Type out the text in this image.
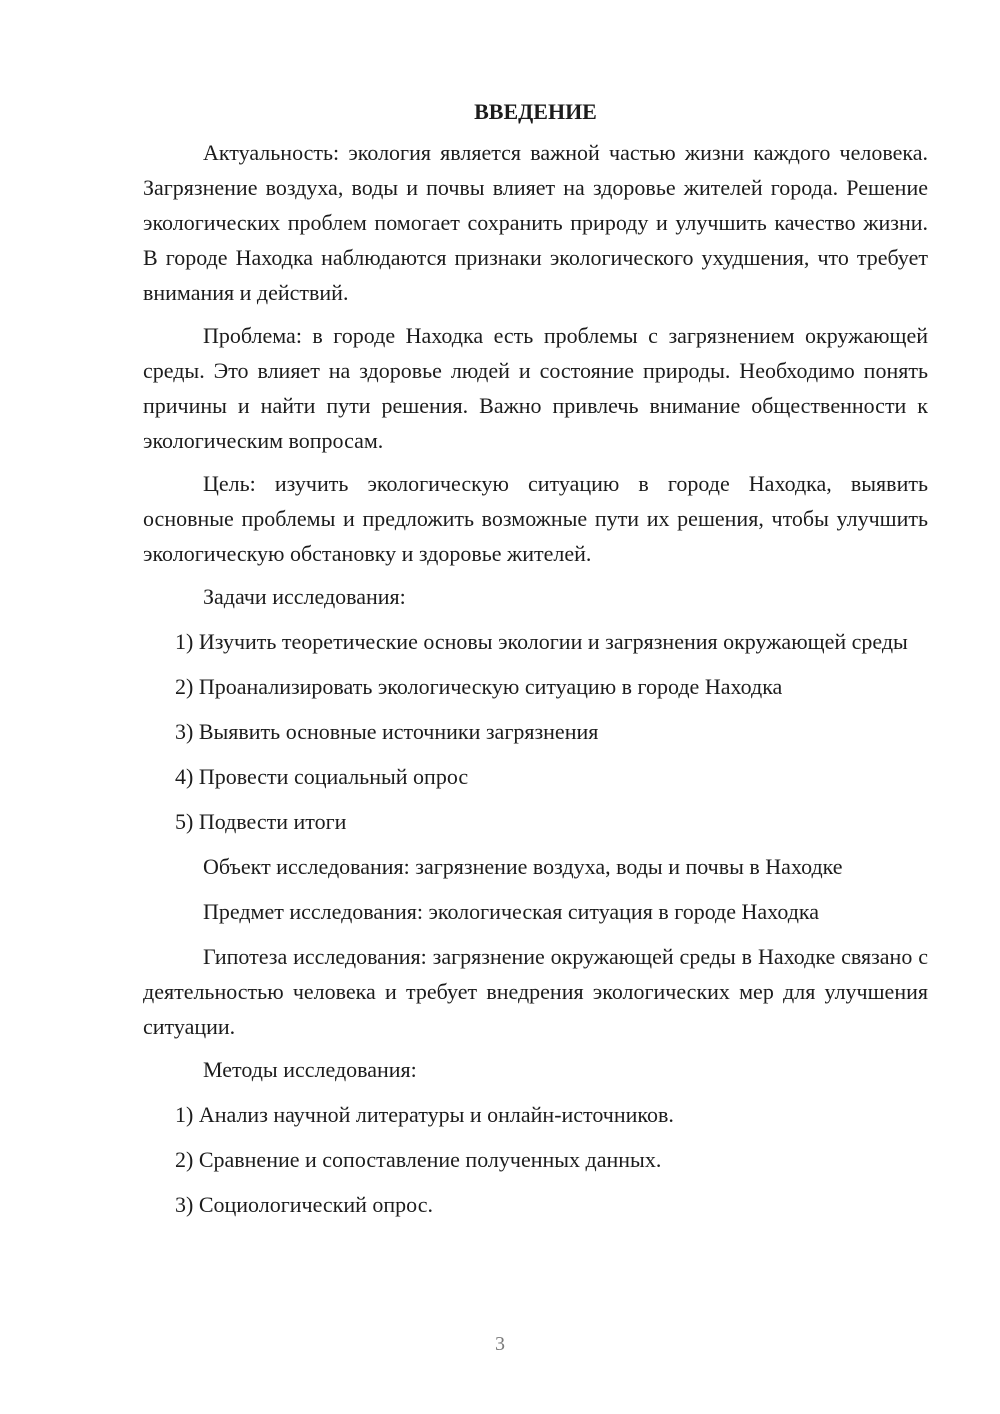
ВВЕДЕНИЕ

Актуальность: экология является важной частью жизни каждого человека. Загрязнение воздуха, воды и почвы влияет на здоровье жителей города. Решение экологических проблем помогает сохранить природу и улучшить качество жизни. В городе Находка наблюдаются признаки экологического ухудшения, что требует внимания и действий.

Проблема: в городе Находка есть проблемы с загрязнением окружающей среды. Это влияет на здоровье людей и состояние природы. Необходимо понять причины и найти пути решения. Важно привлечь внимание общественности к экологическим вопросам.

Цель: изучить экологическую ситуацию в городе Находка, выявить основные проблемы и предложить возможные пути их решения, чтобы улучшить экологическую обстановку и здоровье жителей.

Задачи исследования:

1) Изучить теоретические основы экологии и загрязнения окружающей среды

2) Проанализировать экологическую ситуацию в городе Находка

3) Выявить основные источники загрязнения

4) Провести социальный опрос

5) Подвести итоги

Объект исследования: загрязнение воздуха, воды и почвы в Находке

Предмет исследования: экологическая ситуация в городе Находка

Гипотеза исследования: загрязнение окружающей среды в Находке связано с деятельностью человека и требует внедрения экологических мер для улучшения ситуации.

Методы исследования:

1) Анализ научной литературы и онлайн-источников.

2) Сравнение и сопоставление полученных данных.

3) Социологический опрос.

3
